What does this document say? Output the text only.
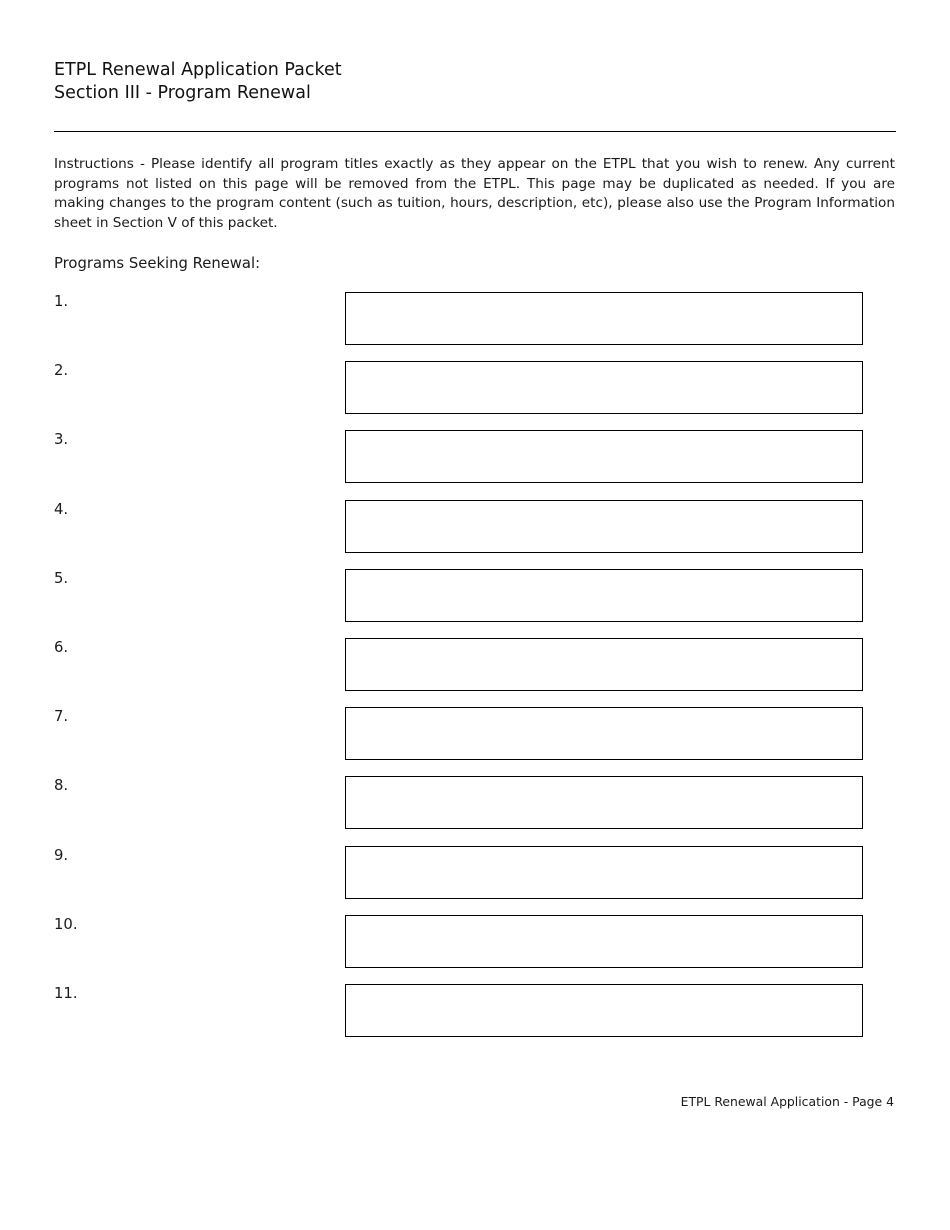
ETPL Renewal Application Packet
Section III - Program Renewal

Instructions - Please identify all program titles exactly as they appear on the ETPL that you wish to renew. Any current programs not listed on this page will be removed from the ETPL. This page may be duplicated as needed. If you are making changes to the program content (such as tuition, hours, description, etc), please also use the Program Information sheet in Section V of this packet.

Programs Seeking Renewal:
1.
2.
3.
4.
5.
6.
7.
8.
9.
10.
11.
ETPL Renewal Application - Page 4
